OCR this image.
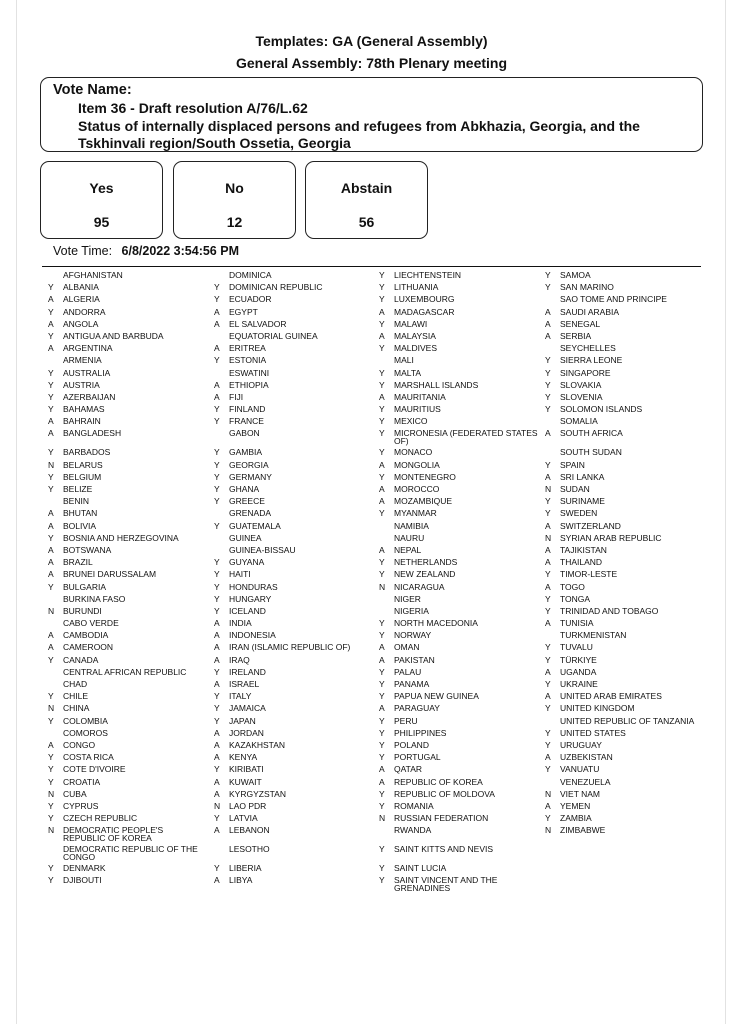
Templates: GA (General Assembly)
General Assembly: 78th Plenary meeting
Vote Name:
Item 36 - Draft resolution A/76/L.62
Status of internally displaced persons and refugees from Abkhazia, Georgia, and the
Tskhinvali region/South Ossetia, Georgia
Yes
95
No
12
Abstain
56
Vote Time: 6/8/2022 3:54:56 PM
AFGHANISTAN
Y	ALBANIA
A	ALGERIA
Y	ANDORRA
A	ANGOLA
Y	ANTIGUA AND BARBUDA
A	ARGENTINA
ARMENIA
Y	AUSTRALIA
Y	AUSTRIA
Y	AZERBAIJAN
Y	BAHAMAS
A	BAHRAIN
A	BANGLADESH
Y	BARBADOS
N	BELARUS
Y	BELGIUM
Y	BELIZE
BENIN
A	BHUTAN
A	BOLIVIA
Y	BOSNIA AND HERZEGOVINA
A	BOTSWANA
A	BRAZIL
A	BRUNEI DARUSSALAM
Y	BULGARIA
BURKINA FASO
N	BURUNDI
CABO VERDE
A	CAMBODIA
A	CAMEROON
Y	CANADA
CENTRAL AFRICAN REPUBLIC
CHAD
Y	CHILE
N	CHINA
Y	COLOMBIA
COMOROS
A	CONGO
Y	COSTA RICA
Y	COTE D'IVOIRE
Y	CROATIA
N	CUBA
Y	CYPRUS
Y	CZECH REPUBLIC
N	DEMOCRATIC PEOPLE'S REPUBLIC OF KOREA
DEMOCRATIC REPUBLIC OF THE CONGO
Y	DENMARK
Y	DJIBOUTI
DOMINICA
Y	DOMINICAN REPUBLIC
Y	ECUADOR
A	EGYPT
A	EL SALVADOR
EQUATORIAL GUINEA
A	ERITREA
Y	ESTONIA
ESWATINI
A	ETHIOPIA
A	FIJI
Y	FINLAND
Y	FRANCE
GABON
Y	GAMBIA
Y	GEORGIA
Y	GERMANY
Y	GHANA
Y	GREECE
GRENADA
Y	GUATEMALA
GUINEA
GUINEA-BISSAU
Y	GUYANA
Y	HAITI
Y	HONDURAS
Y	HUNGARY
Y	ICELAND
A	INDIA
A	INDONESIA
A	IRAN (ISLAMIC REPUBLIC OF)
A	IRAQ
Y	IRELAND
A	ISRAEL
Y	ITALY
Y	JAMAICA
Y	JAPAN
A	JORDAN
A	KAZAKHSTAN
A	KENYA
Y	KIRIBATI
A	KUWAIT
A	KYRGYZSTAN
N	LAO PDR
Y	LATVIA
A	LEBANON
LESOTHO
Y	LIBERIA
A	LIBYA
Y	LIECHTENSTEIN
Y	LITHUANIA
Y	LUXEMBOURG
A	MADAGASCAR
Y	MALAWI
A	MALAYSIA
Y	MALDIVES
MALI
Y	MALTA
Y	MARSHALL ISLANDS
A	MAURITANIA
Y	MAURITIUS
Y	MEXICO
Y	MICRONESIA (FEDERATED STATES OF)
Y	MONACO
A	MONGOLIA
Y	MONTENEGRO
A	MOROCCO
A	MOZAMBIQUE
Y	MYANMAR
NAMIBIA
NAURU
A	NEPAL
Y	NETHERLANDS
Y	NEW ZEALAND
N	NICARAGUA
NIGER
NIGERIA
Y	NORTH MACEDONIA
Y	NORWAY
A	OMAN
A	PAKISTAN
Y	PALAU
Y	PANAMA
Y	PAPUA NEW GUINEA
A	PARAGUAY
Y	PERU
Y	PHILIPPINES
Y	POLAND
Y	PORTUGAL
A	QATAR
A	REPUBLIC OF KOREA
Y	REPUBLIC OF MOLDOVA
Y	ROMANIA
N	RUSSIAN FEDERATION
RWANDA
Y	SAINT KITTS AND NEVIS
Y	SAINT LUCIA
Y	SAINT VINCENT AND THE GRENADINES
Y	SAMOA
Y	SAN MARINO
SAO TOME AND PRINCIPE
A	SAUDI ARABIA
A	SENEGAL
A	SERBIA
SEYCHELLES
Y	SIERRA LEONE
Y	SINGAPORE
Y	SLOVAKIA
Y	SLOVENIA
Y	SOLOMON ISLANDS
SOMALIA
A	SOUTH AFRICA
SOUTH SUDAN
Y	SPAIN
A	SRI LANKA
N	SUDAN
Y	SURINAME
Y	SWEDEN
A	SWITZERLAND
N	SYRIAN ARAB REPUBLIC
A	TAJIKISTAN
A	THAILAND
Y	TIMOR-LESTE
A	TOGO
Y	TONGA
Y	TRINIDAD AND TOBAGO
A	TUNISIA
TURKMENISTAN
Y	TUVALU
Y	TÜRKIYE
A	UGANDA
Y	UKRAINE
A	UNITED ARAB EMIRATES
Y	UNITED KINGDOM
UNITED REPUBLIC OF TANZANIA
Y	UNITED STATES
Y	URUGUAY
A	UZBEKISTAN
Y	VANUATU
VENEZUELA
N	VIET NAM
A	YEMEN
Y	ZAMBIA
N	ZIMBABWE
